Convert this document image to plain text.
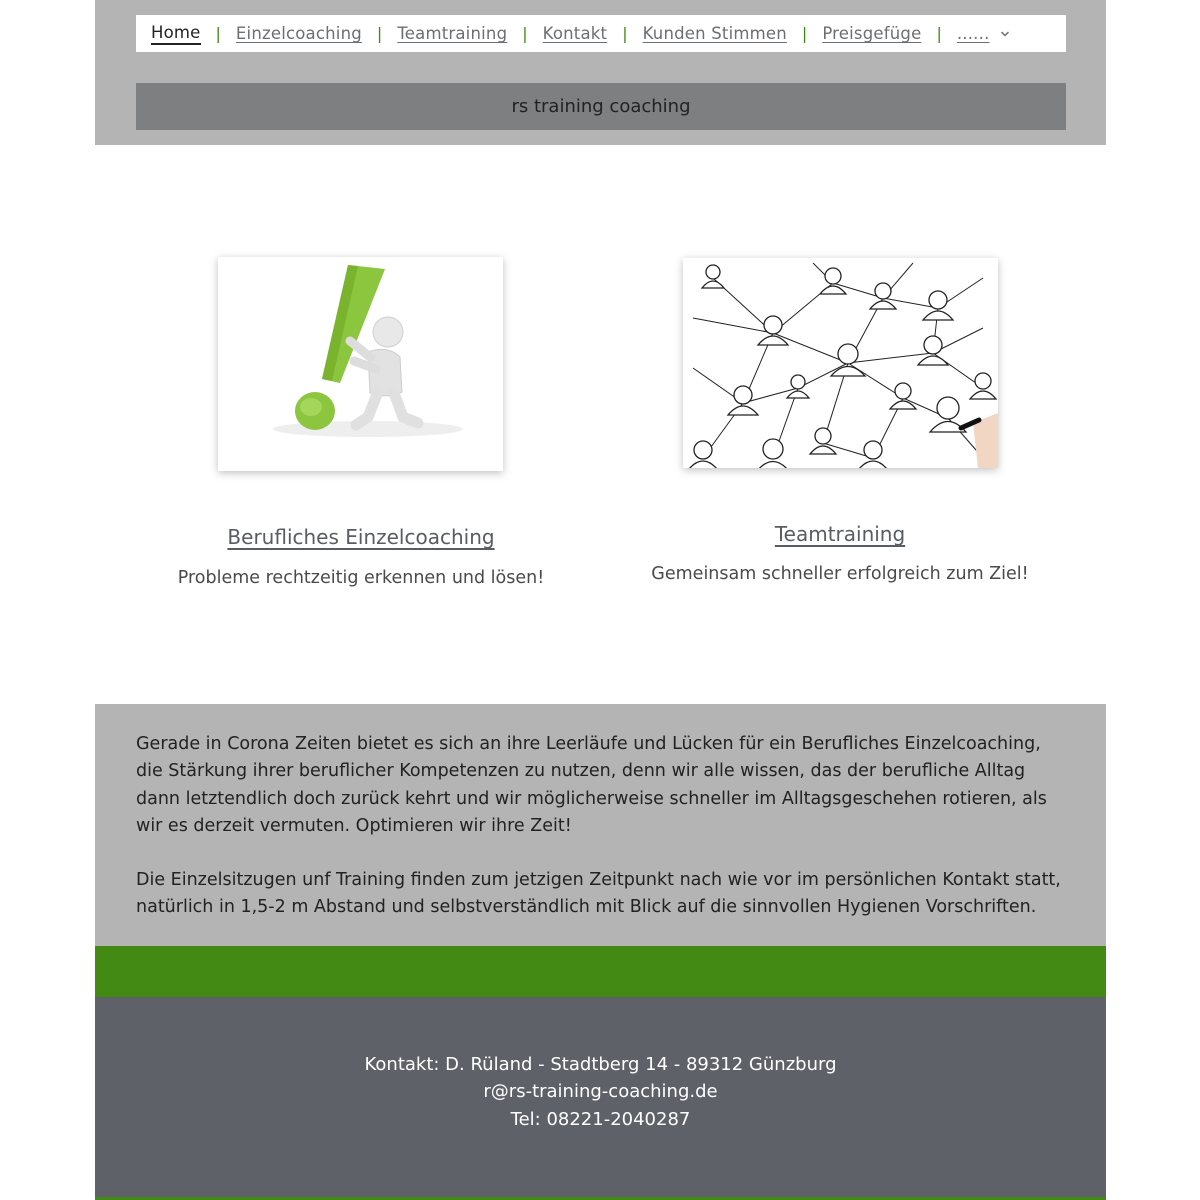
Home | Einzelcoaching | Teamtraining | Kontakt | Kunden Stimmen | Preisgefüge | ......
rs training coaching
Berufliches Einzelcoaching
Probleme rechtzeitig erkennen und lösen!
Teamtraining
Gemeinsam schneller erfolgreich zum Ziel!

Gerade in Corona Zeiten bietet es sich an ihre Leerläufe und Lücken für ein Berufliches Einzelcoaching, die Stärkung ihrer beruflicher Kompetenzen zu nutzen, denn wir alle wissen, das der berufliche Alltag dann letztendlich doch zurück kehrt und wir möglicherweise schneller im Alltagsgeschehen rotieren, als wir es derzeit vermuten. Optimieren wir ihre Zeit!

Die Einzelsitzugen unf Training finden zum jetzigen Zeitpunkt nach wie vor im persönlichen Kontakt statt, natürlich in 1,5-2 m Abstand und selbstverständlich mit Blick auf die sinnvollen Hygienen Vorschriften.

Kontakt: D. Rüland - Stadtberg 14 - 89312 Günzburg
r@rs-training-coaching.de
Tel: 08221-2040287
